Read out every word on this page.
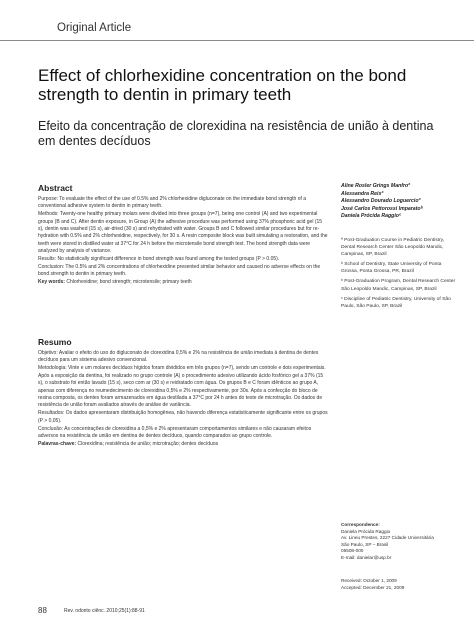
Original Article
Effect of chlorhexidine concentration on the bond strength to dentin in primary teeth
Efeito da concentração de clorexidina na resistência de união à dentina em dentes decíduos
Abstract

Purpose: To evaluate the effect of the use of 0.5% and 2% chlorhexidine digluconate on the immediate bond strength of a conventional adhesive system to dentin in primary teeth.

Methods: Twenty-one healthy primary molars were divided into three groups (n=7), being one control (A) and two experimental groups (B and C). After dentin exposure, in Group (A) the adhesive procedure was performed using 37% phosphoric acid gel (15 s), dentin was washed (15 s), air-dried (30 s) and rehydrated with water. Groups B and C followed similar procedures but for re-hydration with 0.5% and 2% chlorhexidine, respectively, for 30 s. A resin composite block was built simulating a restoration, and the teeth were stored in distilled water at 37°C for 24 h before the microtensile bond strength test. The bond strength data were analyzed by analysis of variance.

Results: No statistically significant difference in bond strength was found among the tested groups (P > 0.05).

Conclusion: The 0.5% and 2% concentrations of chlorhexidine presented similar behavior and caused no adverse effects on the bond strength to dentin in primary teeth.

Key words: Chlorhexidine; bond strength; microtensile; primary teeth

Resumo

Objetivo: Avaliar o efeito do uso do digluconato de clorexidina 0,5% e 2% na resistência de união imediata à dentina de dentes decíduos para um sistema adesivo convencional.

Metodologia: Vinte e um molares decíduos hígidos foram divididos em três grupos (n=7), sendo um controle e dois experimentais. Após a exposição da dentina, foi realizado no grupo controle (A) o procedimento adesivo utilizando ácido fosfórico gel a 37% (15 s), o substrato foi então lavado (15 s), seco com ar (30 s) e reidratado com água. Os grupos B e C foram idênticos ao grupo A, apenas com diferença no reumedecimento de clorexidina 0,5% e 2% respectivamente, por 30s. Após a confecção do bloco de resina composta, os dentes foram armazenados em água destilada a 37°C por 24 h antes do teste de microtração. Os dados de resistência de união foram avaliados através de análise de variância.

Resultados: Os dados apresentaram distribuição homogênea, não havendo diferença estatisticamente significante entre os grupos (P > 0,05).

Conclusão: As concentrações de clorexidina a 0,5% e 2% apresentaram comportamentos similares e não causaram efeitos adversos na resistência de união em dentina de dentes decíduos, quando comparados ao grupo controle.

Palavras-chave: Clorexidina; resistência de união; microtração; dentes decíduos

Aline Rosler Grings Manfroª
Alessandra Reisª
Alessandro Dourado Loguercioª
José Carlos Pettorossi Imparatoᵇ
Daniela Prócida Raggioᶜ

ª Post-Graduation Course in Pediatric Dentistry, Dental Research Center São Leopoldo Mandic, Campinas, SP, Brazil

ᵇ School of Dentistry, State University of Ponta Grossa, Ponta Grossa, PR, Brazil

ᵇ Post-Graduation Program, Dental Research Center São Leopoldo Mandic, Campinas, SP, Brazil

ᶜ Discipline of Pediatric Dentistry, University of São Paulo, São Paulo, SP, Brazil

Correspondence:
Daniela Prócida Raggio
Av. Lineu Prestes, 2227 Cidade Universitária
São Paulo, SP – Brasil
05508-000
E-mail: danielar@usp.br
Received: October 1, 2009
Accepted: December 21, 2009
88	Rev. odonto ciênc. 2010;25(1):88-91
